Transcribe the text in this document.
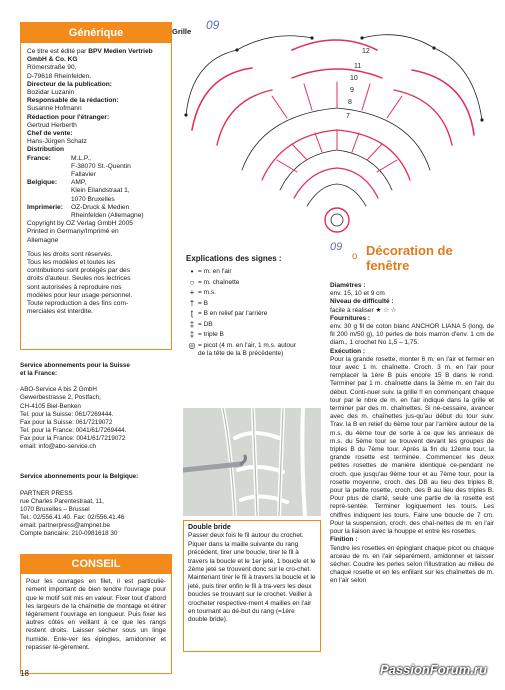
Générique
Ce titre est édité par BPV Medien Vertrieb GmbH & Co. KG
Römerstraße 90,
D-79618 Rheinfelden.
Directeur de la publication:
Bozidar Luzanin
Responsable de la rédaction:
Susanne Hofmann
Rédaction pour l'étranger:
Gertrud Herberth
Chef de vente:
Hans-Jürgen Schatz
Distribution
France:	M.L.P.,
F-38070 St.-Quentin
Fallavier
Belgique:	AMP,
Klein Eilandstraat 1,
1070 Bruxelles
Imprimerie:	OZ-Druck & Medien
Rheinfelden (Allemagne)
Copyright by OZ Verlag GmbH 2005
Printed in Germany/Imprimé en
Allemagne
Tous les droits sont réservés.
Tous les modèles et toutes les
contributions sont protégés par des
droits d'auteur. Seules nos lectrices
sont autorisées à reproduire nos
modèles pour leur usage personnel.
Toute reproduction à des fins com-
merciales est interdite.

Service abonnements pour la Suisse
et la France:

ABO-Service A bis Z GmbH
Gewerbestrasse 2, Postfach,
CH-4105 Biel-Benken
Tel. pour la Suisse: 061/7269444.
Fax pour la Suisse: 061/7219072
Tel. pour la France: 0041/61/7269444.
Fax pour la France: 0041/61/7219072
email: info@abo-service.ch

Service abonnements pour la Belgique:

PARTNER PRESS
rue Charles Parentestraat, 11,
1070 Bruxelles – Brussel
Tel.: 02/556.41.40. Fax: 02/556.41.46
email: partnerpress@ampnet.be
Compte bancaire: 210-0981618 30

CONSEIL
Pour les ouvrages en filet, il est particuliè-rement important de bien tendre l'ouvrage pour que le motif soit mis en valeur. Fixer tout d'abord les largeurs de la chaînette de montage et étirer légèrement l'ouvrage en longueur. Puis fixer les autres côtés en veillant à ce que les rangs restent droits. Laisser sécher sous un linge humide. Enle-ver les épingles, amidonner et repasser lé-gèrement.
18
Grille 09
12
11
10
9
8
7
Explications des signes :
• = m. en l'air
○ = m. chaînette
+ = m.s.
† = B
ʈ = B en relief par l'arrière
‡ = DB
‡ = triple B
◎ = picot (4 m. en l'air, 1 m.s. autour
de la tête de la B précédente)
Double bride
Passer deux fois le fil autour du crochet. Piquer dans la maille suivante du rang précédent, tirer une boucle, tirer le fil à travers la boucle et le 1er jeté, 1 boucle et le 2ème jeté se trouvent donc sur le cro-chet. Maintenant tirer le fil à travers la boucle et le jeté, puis tirer enfin le fil à tra-vers les deux boucles se trouvant sur le crochet. Veiller à crocheter respective-ment 4 mailles en l'air en tournant au dé-but du rang (=1ère double bride).
09 ₒ Décoration de fenêtre
Diamètres :
env. 15, 10 et 9 cm
Niveau de difficulté :
facile à réaliser ★ ☆ ☆
Fournitures :

env. 30 g fil de coton blanc ANCHOR LIANA 5 (long. de fil 200 m/50 g), 10 perles de bois marron d'env. 1 cm de diam., 1 crochet No 1,5 – 1,75.

Exécution :

Pour la grande rosette, monter 6 m. en l'air et fermer en tour avec 1 m. chaînette. Croch. 3 m. en l'air pour remplacer la 1ère B puis encore 15 B dans le rond. Terminer par 1 m. chaînette dans la 3ème m. en l'air du début. Conti-nuer suiv. la grille !! en commençant chaque tour par le nbre de m. en l'air indiqué dans la grille et terminer par des m. chaînettes. Si né-cessaire, avancer avec des m. chaînettes jus-qu'au début du tour suiv. Trav. la B en relief du 6ème tour par l'arrière autour de la m.s. du 4ème tour de sorte à ce que les anneaux de m.s. du 5ème tour se trouvent devant les groupes de triples B du 7ème tour. Après la fin du 12ème tour, la grande rosette est terminée. Commencer les deux petites rosettes de manière identique ce-pendant ne croch. que jusqu'au 9ème tour et au 7ème tour, pour la rosette moyenne, croch. des DB au lieu des triples B, pour la petite rosette, croch. des B au lieu des triples B. Pour plus de clarté, seule une partie de la rosette est repré-sentée. Terminer logiquement les tours. Les chiffres indiquent les tours. Faire une boucle de 7 cm. Pour la suspension, croch. des chaî-nettes de m. en l'air pour la liaison avec la houppe et entre les rosettes.

Finition :

Tendre les rosettes en épinglant chaque picot ou chaque arceau de m. en l'air séparément, amidonner et laisser sécher. Coudre les perles selon l'illustration au milieu de chaque rosette et en les enfilant sur les chaînettes de m. en l'air selon

PassionForum.ru
